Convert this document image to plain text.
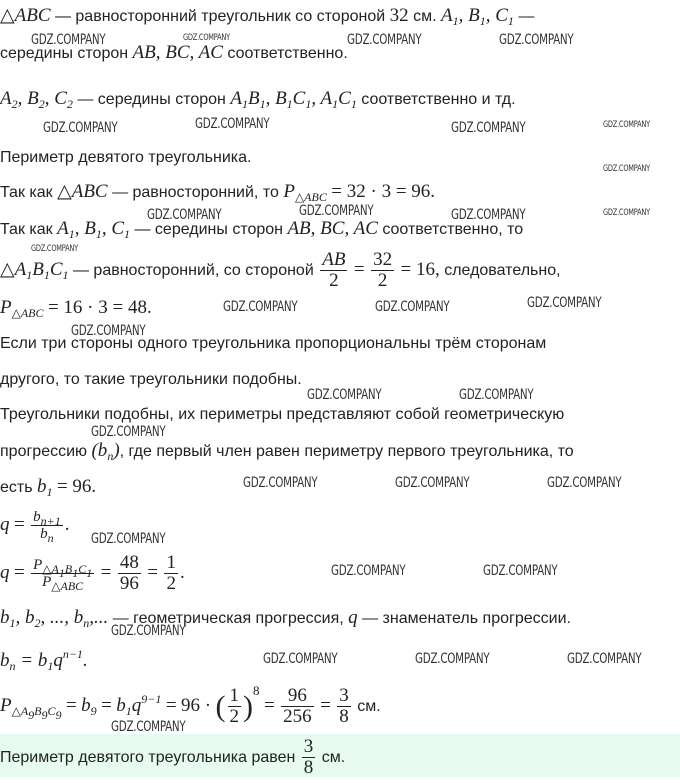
△ABC — равносторонний треугольник со стороной 32 см. $A_1$, $B_1$, $C_1$ —
середины сторон AB, BC, AC соответственно.
$A_2$, $B_2$, $C_2$ — середины сторон $A_1B_1$, $B_1C_1$, $A_1C_1$ соответственно и тд.
Периметр девятого треугольника.
Так как △ABC — равносторонний, то $P_{\triangle ABC} = 32 \cdot 3 = 96$.
Так как $A_1$, $B_1$, $C_1$ — середины сторон AB, BC, AC соответственно, то
$\triangle A_1B_1C_1$ — равносторонний, со стороной $\frac{AB}{2} = \frac{32}{2} = 16$, следовательно,
$P_{\triangle ABC} = 16 \cdot 3 = 48$.
Если три стороны одного треугольника пропорциональны трём сторонам
другого, то такие треугольники подобны.
Треугольники подобны, их периметры представляют собой геометрическую
прогрессию $(b_n)$, где первый член равен периметру первого треугольника, то
есть $b_1 = 96$.
$q = \frac{b_{n+1}}{b_n}$ .
$q = \frac{P_{\triangle A_1B_1C_1}}{P_{\triangle ABC}} = \frac{48}{96} = \frac{1}{2}$ .
$b_1$, $b_2$, ..., $b_n$,... — геометрическая прогрессия, q — знаменатель прогрессии.
$b_n = b_1q^{n-1}$.
$P_{\triangle A_9B_9C_9} = b_9 = b_1q^{9-1} = 96$ · ( $\frac{1}{2} )^8 = \frac{96}{256} = \frac{3}{8}$ см.
Периметр девятого треугольника равен $\frac{3}{8}$ см.
GDZ.COMPANY	GDZ.COMPANY	GDZ.COMPANY	GDZ.COMPANY
GDZ.COMPANY	GDZ.COMPANY	GDZ.COMPANY	GDZ.COMPANY
GDZ.COMPANY
GDZ.COMPANY	GDZ.COMPANY	GDZ.COMPANY	GDZ.COMPANY
GDZ.COMPANY
GDZ.COMPANY	GDZ.COMPANY	GDZ.COMPANY
GDZ.COMPANY
GDZ.COMPANY	GDZ.COMPANY
GDZ.COMPANY
GDZ.COMPANY	GDZ.COMPANY	GDZ.COMPANY
GDZ.COMPANY
GDZ.COMPANY	GDZ.COMPANY
GDZ.COMPANY
GDZ.COMPANY	GDZ.COMPANY	GDZ.COMPANY
GDZ.COMPANY
